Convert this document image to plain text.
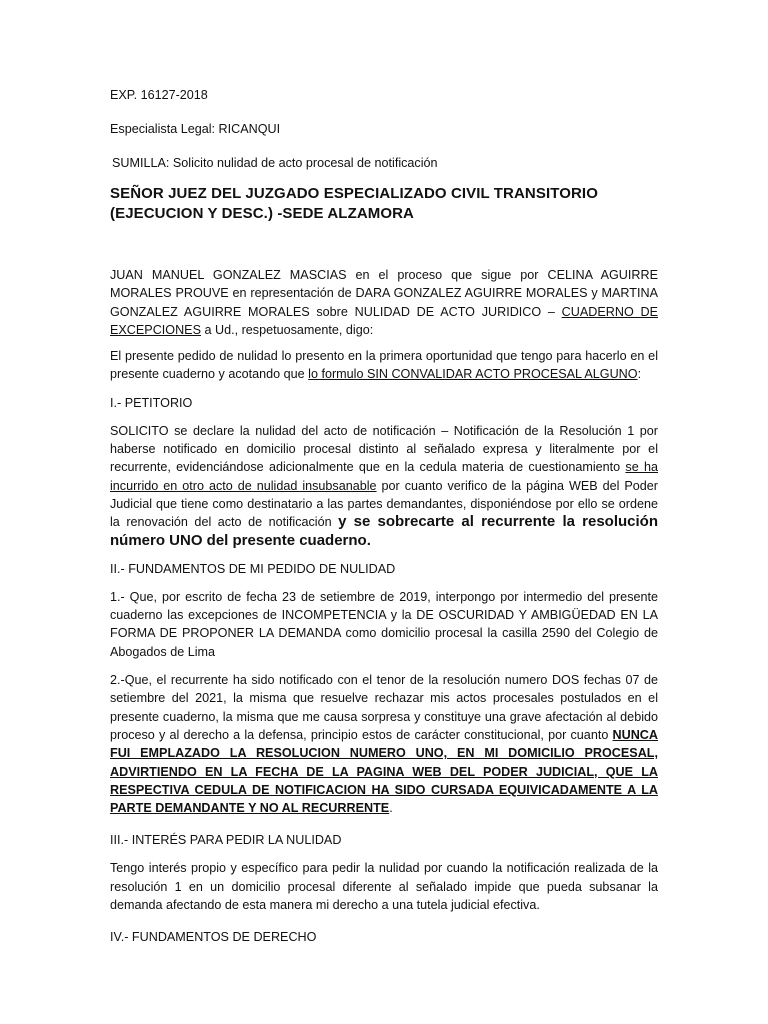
EXP. 16127-2018

Especialista Legal: RICANQUI

SUMILLA: Solicito nulidad de acto procesal de notificación

SEÑOR JUEZ DEL JUZGADO ESPECIALIZADO CIVIL TRANSITORIO
(EJECUCION Y DESC.) -SEDE ALZAMORA

JUAN MANUEL GONZALEZ MASCIAS en el proceso que sigue por CELINA AGUIRRE MORALES PROUVE en representación de DARA GONZALEZ AGUIRRE MORALES y MARTINA GONZALEZ AGUIRRE MORALES sobre NULIDAD DE ACTO JURIDICO – CUADERNO DE EXCEPCIONES a Ud., respetuosamente, digo:

El presente pedido de nulidad lo presento en la primera oportunidad que tengo para hacerlo en el presente cuaderno y acotando que lo formulo SIN CONVALIDAR ACTO PROCESAL ALGUNO:

I.- PETITORIO

SOLICITO se declare la nulidad del acto de notificación – Notificación de la Resolución 1 por haberse notificado en domicilio procesal distinto al señalado expresa y literalmente por el recurrente, evidenciándose adicionalmente que en la cedula materia de cuestionamiento se ha incurrido en otro acto de nulidad insubsanable por cuanto verifico de la página WEB del Poder Judicial que tiene como destinatario a las partes demandantes, disponiéndose por ello se ordene la renovación del acto de notificación y se sobrecarte al recurrente la resolución número UNO del presente cuaderno.

II.- FUNDAMENTOS DE MI PEDIDO DE NULIDAD

1.- Que, por escrito de fecha 23 de setiembre de 2019, interpongo por intermedio del presente cuaderno las excepciones de INCOMPETENCIA y la DE OSCURIDAD Y AMBIGÜEDAD EN LA FORMA DE PROPONER LA DEMANDA como domicilio procesal la casilla 2590 del Colegio de Abogados de Lima

2.-Que, el recurrente ha sido notificado con el tenor de la resolución numero DOS fechas 07 de setiembre del 2021, la misma que resuelve rechazar mis actos procesales postulados en el presente cuaderno, la misma que me causa sorpresa y constituye una grave afectación al debido proceso y al derecho a la defensa, principio estos de carácter constitucional, por cuanto NUNCA FUI EMPLAZADO LA RESOLUCION NUMERO UNO, EN MI DOMICILIO PROCESAL, ADVIRTIENDO EN LA FECHA DE LA PAGINA WEB DEL PODER JUDICIAL, QUE LA RESPECTIVA CEDULA DE NOTIFICACION HA SIDO CURSADA EQUIVICADAMENTE A LA PARTE DEMANDANTE Y NO AL RECURRENTE.

III.- INTERÉS PARA PEDIR LA NULIDAD

Tengo interés propio y específico para pedir la nulidad por cuando la notificación realizada de la resolución 1 en un domicilio procesal diferente al señalado impide que pueda subsanar la demanda afectando de esta manera mi derecho a una tutela judicial efectiva.

IV.- FUNDAMENTOS DE DERECHO
